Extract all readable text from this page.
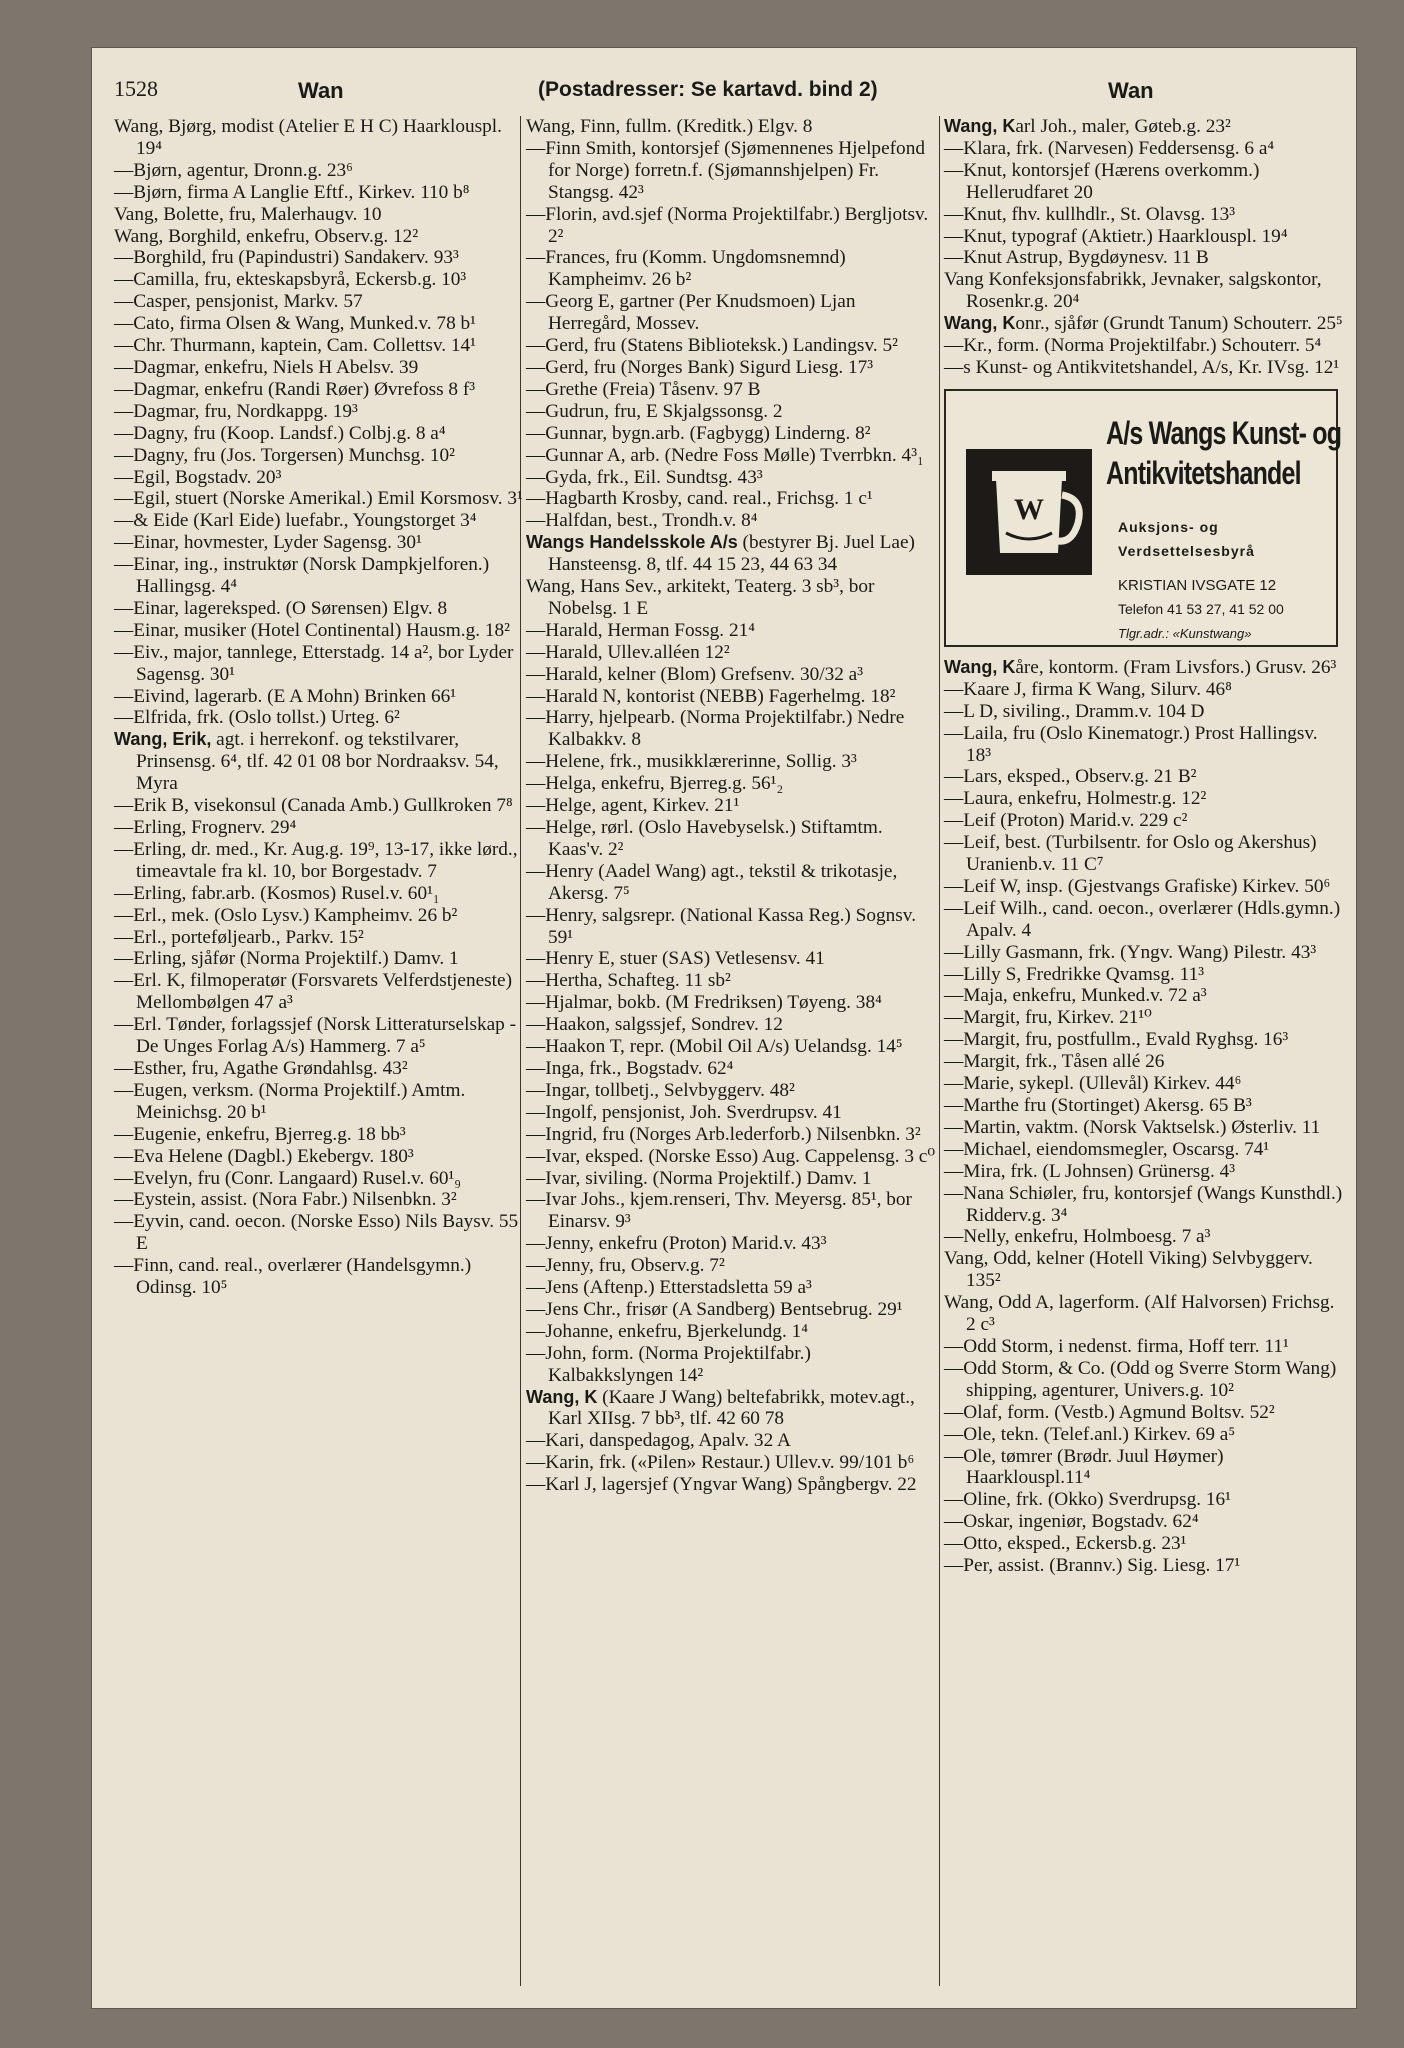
1528	Wan	(Postadresser: Se kartavd. bind 2)	Wan

Wang, Bjørg, modist (Atelier E H C) Haarklouspl. 19⁴

—Bjørn, agentur, Dronn.g. 23⁶

—Bjørn, firma A Langlie Eftf., Kirkev. 110 b⁸

Vang, Bolette, fru, Malerhaugv. 10

Wang, Borghild, enkefru, Observ.g. 12²

—Borghild, fru (Papindustri) Sandakerv. 93³

—Camilla, fru, ekteskapsbyrå, Eckersb.g. 10³

—Casper, pensjonist, Markv. 57

—Cato, firma Olsen & Wang, Munked.v. 78 b¹

—Chr. Thurmann, kaptein, Cam. Collettsv. 14¹

—Dagmar, enkefru, Niels H Abelsv. 39

—Dagmar, enkefru (Randi Røer) Øvrefoss 8 f³

—Dagmar, fru, Nordkappg. 19³

—Dagny, fru (Koop. Landsf.) Colbj.g. 8 a⁴

—Dagny, fru (Jos. Torgersen) Munchsg. 10²

—Egil, Bogstadv. 20³

—Egil, stuert (Norske Amerikal.) Emil Korsmosv. 3¹

—& Eide (Karl Eide) luefabr., Youngstorget 3⁴

—Einar, hovmester, Lyder Sagensg. 30¹

—Einar, ing., instruktør (Norsk Dampkjelforen.) Hallingsg. 4⁴

—Einar, lagereksped. (O Sørensen) Elgv. 8

—Einar, musiker (Hotel Continental) Hausm.g. 18²

—Eiv., major, tannlege, Etterstadg. 14 a², bor Lyder Sagensg. 30¹

—Eivind, lagerarb. (E A Mohn) Brinken 66¹

—Elfrida, frk. (Oslo tollst.) Urteg. 6²

Wang, Erik, agt. i herrekonf. og tekstilvarer, Prinsensg. 6⁴, tlf. 42 01 08 bor Nordraaksv. 54, Myra

—Erik B, visekonsul (Canada Amb.) Gullkroken 7⁸

—Erling, Frognerv. 29⁴

—Erling, dr. med., Kr. Aug.g. 19⁹, 13-17, ikke lørd., timeavtale fra kl. 10, bor Borgestadv. 7

—Erling, fabr.arb. (Kosmos) Rusel.v. 60¹₁

—Erl., mek. (Oslo Lysv.) Kampheimv. 26 b²

—Erl., porteføljearb., Parkv. 15²

—Erling, sjåfør (Norma Projektilf.) Damv. 1

—Erl. K, filmoperatør (Forsvarets Velferdstjeneste) Mellombølgen 47 a³

—Erl. Tønder, forlagssjef (Norsk Litteraturselskap - De Unges Forlag A/s) Hammerg. 7 a⁵

—Esther, fru, Agathe Grøndahlsg. 43²

—Eugen, verksm. (Norma Projektilf.) Amtm. Meinichsg. 20 b¹

—Eugenie, enkefru, Bjerreg.g. 18 bb³

—Eva Helene (Dagbl.) Ekebergv. 180³

—Evelyn, fru (Conr. Langaard) Rusel.v. 60¹₉

—Eystein, assist. (Nora Fabr.) Nilsenbkn. 3²

—Eyvin, cand. oecon. (Norske Esso) Nils Baysv. 55 E

—Finn, cand. real., overlærer (Handelsgymn.) Odinsg. 10⁵

Wang, Finn, fullm. (Kreditk.) Elgv. 8

—Finn Smith, kontorsjef (Sjømennenes Hjelpefond for Norge) forretn.f. (Sjømannshjelpen) Fr. Stangsg. 42³

—Florin, avd.sjef (Norma Projektilfabr.) Bergljotsv. 2²

—Frances, fru (Komm. Ungdomsnemnd) Kampheimv. 26 b²

—Georg E, gartner (Per Knudsmoen) Ljan Herregård, Mossev.

—Gerd, fru (Statens Biblioteksk.) Landingsv. 5²

—Gerd, fru (Norges Bank) Sigurd Liesg. 17³

—Grethe (Freia) Tåsenv. 97 B

—Gudrun, fru, E Skjalgssonsg. 2

—Gunnar, bygn.arb. (Fagbygg) Linderng. 8²

—Gunnar A, arb. (Nedre Foss Mølle) Tverrbkn. 4³₁

—Gyda, frk., Eil. Sundtsg. 43³

—Hagbarth Krosby, cand. real., Frichsg. 1 c¹

—Halfdan, best., Trondh.v. 8⁴

Wangs Handelsskole A/s (bestyrer Bj. Juel Lae) Hansteensg. 8, tlf. 44 15 23, 44 63 34

Wang, Hans Sev., arkitekt, Teaterg. 3 sb³, bor Nobelsg. 1 E

—Harald, Herman Fossg. 21⁴

—Harald, Ullev.alléen 12²

—Harald, kelner (Blom) Grefsenv. 30/32 a³

—Harald N, kontorist (NEBB) Fagerhelmg. 18²

—Harry, hjelpearb. (Norma Projektilfabr.) Nedre Kalbakkv. 8

—Helene, frk., musikklærerinne, Sollig. 3³

—Helga, enkefru, Bjerreg.g. 56¹₂

—Helge, agent, Kirkev. 21¹

—Helge, rørl. (Oslo Havebyselsk.) Stiftamtm. Kaas'v. 2²

—Henry (Aadel Wang) agt., tekstil & trikotasje, Akersg. 7⁵

—Henry, salgsrepr. (National Kassa Reg.) Sognsv. 59¹

—Henry E, stuer (SAS) Vetlesensv. 41

—Hertha, Schafteg. 11 sb²

—Hjalmar, bokb. (M Fredriksen) Tøyeng. 38⁴

—Haakon, salgssjef, Sondrev. 12

—Haakon T, repr. (Mobil Oil A/s) Uelandsg. 14⁵

—Inga, frk., Bogstadv. 62⁴

—Ingar, tollbetj., Selvbyggerv. 48²

—Ingolf, pensjonist, Joh. Sverdrupsv. 41

—Ingrid, fru (Norges Arb.lederforb.) Nilsenbkn. 3²

—Ivar, eksped. (Norske Esso) Aug. Cappelensg. 3 c⁰

—Ivar, siviling. (Norma Projektilf.) Damv. 1

—Ivar Johs., kjem.renseri, Thv. Meyersg. 85¹, bor Einarsv. 9³

—Jenny, enkefru (Proton) Marid.v. 43³

—Jenny, fru, Observ.g. 7²

—Jens (Aftenp.) Etterstadsletta 59 a³

—Jens Chr., frisør (A Sandberg) Bentsebrug. 29¹

—Johanne, enkefru, Bjerkelundg. 1⁴

—John, form. (Norma Projektilfabr.) Kalbakkslyngen 14²

Wang, K (Kaare J Wang) beltefabrikk, motev.agt., Karl XIIsg. 7 bb³, tlf. 42 60 78

—Kari, danspedagog, Apalv. 32 A

—Karin, frk. («Pilen» Restaur.) Ullev.v. 99/101 b⁶

—Karl J, lagersjef (Yngvar Wang) Spångbergv. 22

Wang, Karl Joh., maler, Gøteb.g. 23²

—Klara, frk. (Narvesen) Feddersensg. 6 a⁴

—Knut, kontorsjef (Hærens overkomm.) Hellerudfaret 20

—Knut, fhv. kullhdlr., St. Olavsg. 13³

—Knut, typograf (Aktietr.) Haarklouspl. 19⁴

—Knut Astrup, Bygdøynesv. 11 B

Vang Konfeksjonsfabrikk, Jevnaker, salgskontor, Rosenkr.g. 20⁴

Wang, Konr., sjåfør (Grundt Tanum) Schouterr. 25⁵

—Kr., form. (Norma Projektilfabr.) Schouterr. 5⁴

—s Kunst- og Antikvitetshandel, A/s, Kr. IVsg. 12¹

W
A/s Wangs Kunst- og
Antikvitetshandel
Auksjons- og
Verdsettelsesbyrå
KRISTIAN IVSGATE 12
Telefon 41 53 27, 41 52 00
Tlgr.adr.: «Kunstwang»

Wang, Kåre, kontorm. (Fram Livsfors.) Grusv. 26³

—Kaare J, firma K Wang, Silurv. 46⁸

—L D, siviling., Dramm.v. 104 D

—Laila, fru (Oslo Kinematogr.) Prost Hallingsv. 18³

—Lars, eksped., Observ.g. 21 B²

—Laura, enkefru, Holmestr.g. 12²

—Leif (Proton) Marid.v. 229 c²

—Leif, best. (Turbilsentr. for Oslo og Akershus) Uranienb.v. 11 C⁷

—Leif W, insp. (Gjestvangs Grafiske) Kirkev. 50⁶

—Leif Wilh., cand. oecon., overlærer (Hdls.gymn.) Apalv. 4

—Lilly Gasmann, frk. (Yngv. Wang) Pilestr. 43³

—Lilly S, Fredrikke Qvamsg. 11³

—Maja, enkefru, Munked.v. 72 a³

—Margit, fru, Kirkev. 21¹⁰

—Margit, fru, postfullm., Evald Ryghsg. 16³

—Margit, frk., Tåsen allé 26

—Marie, sykepl. (Ullevål) Kirkev. 44⁶

—Marthe fru (Stortinget) Akersg. 65 B³

—Martin, vaktm. (Norsk Vaktselsk.) Østerliv. 11

—Michael, eiendomsmegler, Oscarsg. 74¹

—Mira, frk. (L Johnsen) Grünersg. 4³

—Nana Schiøler, fru, kontorsjef (Wangs Kunsthdl.) Ridderv.g. 3⁴

—Nelly, enkefru, Holmboesg. 7 a³

Vang, Odd, kelner (Hotell Viking) Selvbyggerv. 135²

Wang, Odd A, lagerform. (Alf Halvorsen) Frichsg. 2 c³

—Odd Storm, i nedenst. firma, Hoff terr. 11¹

—Odd Storm, & Co. (Odd og Sverre Storm Wang) shipping, agenturer, Univers.g. 10²

—Olaf, form. (Vestb.) Agmund Boltsv. 52²

—Ole, tekn. (Telef.anl.) Kirkev. 69 a⁵

—Ole, tømrer (Brødr. Juul Høymer) Haarklouspl.11⁴

—Oline, frk. (Okko) Sverdrupsg. 16¹

—Oskar, ingeniør, Bogstadv. 62⁴

—Otto, eksped., Eckersb.g. 23¹

—Per, assist. (Brannv.) Sig. Liesg. 17¹
